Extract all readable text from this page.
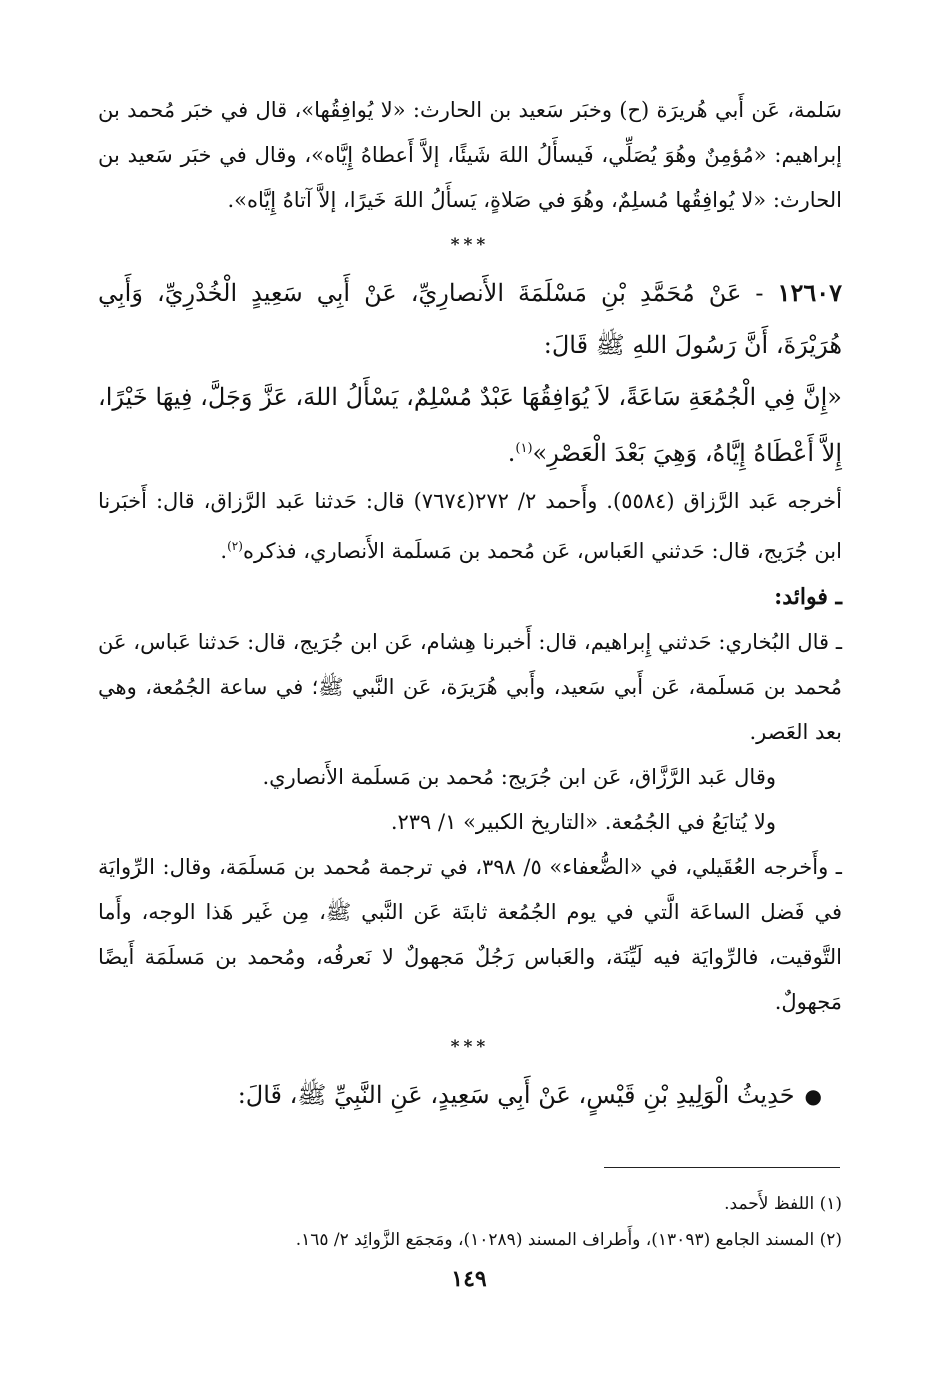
سَلمة، عَن أَبي هُريرَة (ح) وخبَر سَعيد بن الحارث: «لا يُوافِقُها»، قال في خبَر مُحمد بن إبراهيم: «مُؤمِنٌ وهُوَ يُصَلِّي، فَيسأَلُ اللهَ شَيئًا، إلاَّ أَعطاهُ إِيَّاه»، وقال في خبَر سَعيد بن الحارث: «لا يُوافِقُها مُسلِمٌ، وهُوَ في صَلاةٍ، يَسأَلُ اللهَ خَيرًا، إلاَّ آتاهُ إِيَّاه».

***

١٢٦٠٧ - عَنْ مُحَمَّدِ بْنِ مَسْلَمَةَ الأَنصارِيِّ، عَنْ أَبِي سَعِيدٍ الْخُدْرِيِّ، وَأَبِي هُرَيْرَةَ، أَنَّ رَسُولَ اللهِ ﷺ قَالَ:

«إِنَّ فِي الْجُمُعَةِ سَاعَةً، لاَ يُوَافِقُهَا عَبْدٌ مُسْلِمٌ، يَسْأَلُ اللهَ، عَزَّ وَجَلَّ، فِيهَا خَيْرًا، إِلاَّ أَعْطَاهُ إِيَّاهُ، وَهِيَ بَعْدَ الْعَصْرِ»$^{(١)}$.

أخرجه عَبد الرَّزاق (٥٥٨٤). وأَحمد ٢/ ٢٧٢(٧٦٧٤) قال: حَدثنا عَبد الرَّزاق، قال: أَخبَرنا ابن جُرَيج، قال: حَدثني العَباس، عَن مُحمد بن مَسلَمة الأَنصاري، فذكره$^{(٢)}$.

ـ فوائد:

ـ قال البُخاري: حَدثني إِبراهيم، قال: أَخبرنا هِشام، عَن ابن جُرَيج، قال: حَدثنا عَباس، عَن مُحمد بن مَسلَمة، عَن أَبي سَعيد، وأَبي هُرَيرَة، عَن النَّبي ﷺ؛ في ساعة الجُمُعة، وهي بعد العَصر.

وقال عَبد الرَّزَّاق، عَن ابن جُرَيج: مُحمد بن مَسلَمة الأَنصاري.

ولا يُتابَعُ في الجُمُعة. «التاريخ الكبير» ١/ ٢٣٩.

ـ وأَخرجه العُقَيلي، في «الضُّعفاء» ٥/ ٣٩٨، في ترجمة مُحمد بن مَسلَمَة، وقال: الرِّوايَة في فَضل الساعَة الَّتي في يوم الجُمُعة ثابتَة عَن النَّبي ﷺ، مِن غَير هَذا الوجه، وأَما التَّوقيت، فالرِّوايَة فيه لَيِّنَة، والعَباس رَجُلٌ مَجهولٌ لا نَعرفُه، ومُحمد بن مَسلَمَة أَيضًا مَجهولٌ.

***

●حَدِيثُ الْوَلِيدِ بْنِ قَيْسٍ، عَنْ أَبِي سَعِيدٍ، عَنِ النَّبِيِّ ﷺ، قَالَ:

(١) اللفظ لأَحمد.

(٢) المسند الجامع (١٣٠٩٣)، وأَطراف المسند (١٠٢٨٩)، ومَجمَع الزَّوائِد ٢/ ١٦٥.

١٤٩
